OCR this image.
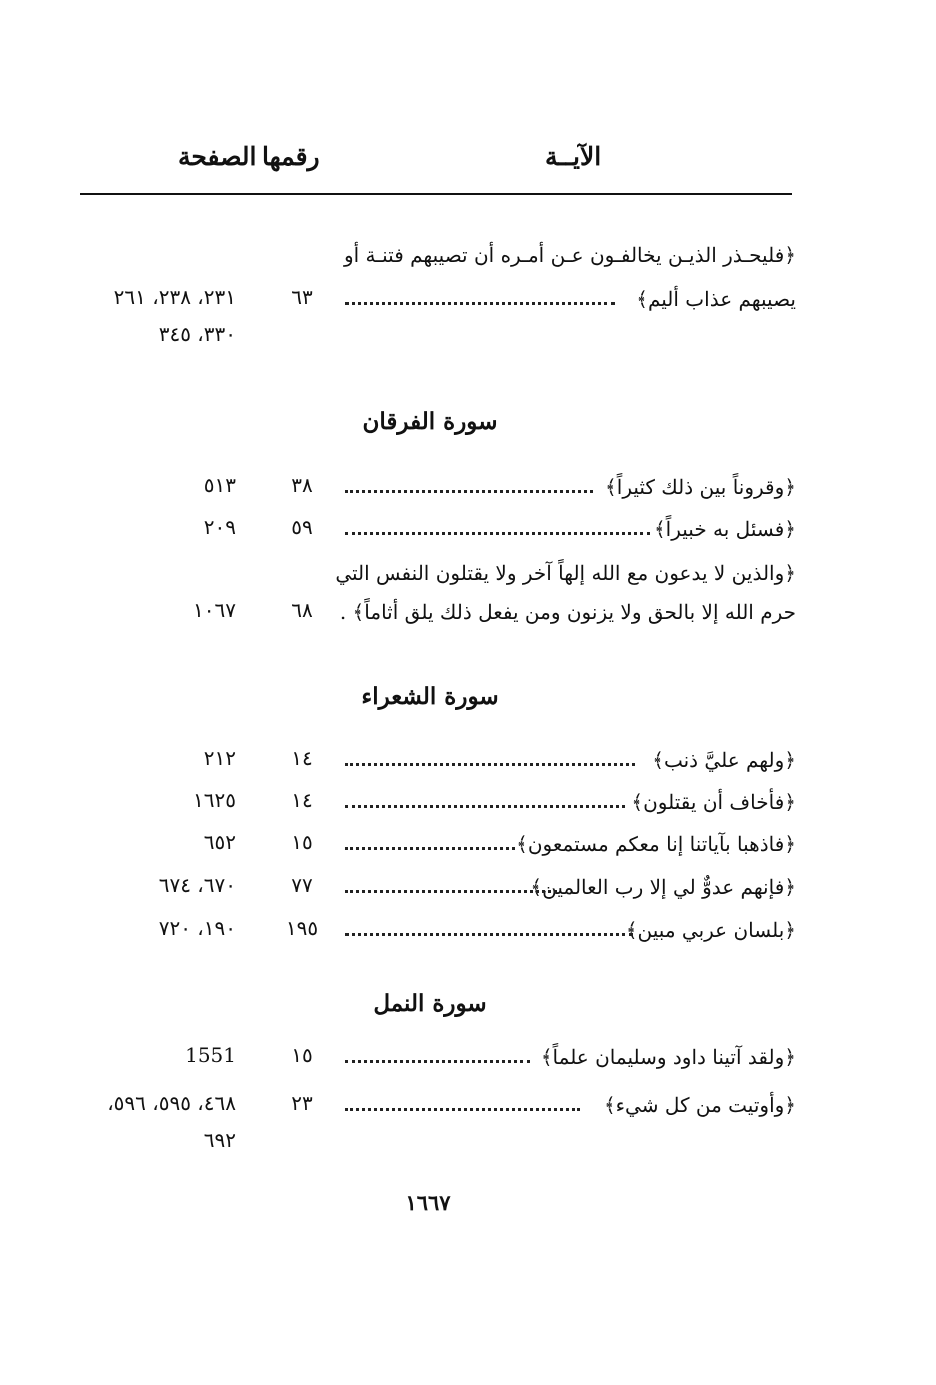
الآيــة
رقمها
الصفحة
﴿فليحـذر الذيـن يخالفـون عـن أمـره أن تصيبهم فتنـة أو
يصيبهم عذاب أليم﴾
٦٣
٢٣١، ٢٣٨، ٢٦١
٣٣٠، ٣٤٥
سورة الفرقان
﴿وقروناً بين ذلك كثيراً﴾
٣٨
٥١٣
﴿فسئل به خبيراً﴾
٥٩
٢٠٩
﴿والذين لا يدعون مع الله إلهاً آخر ولا يقتلون النفس التي
حرم الله إلا بالحق ولا يزنون ومن يفعل ذلك يلق أثاماً﴾ .
٦٨
١٠٦٧
سورة الشعراء
﴿ولهم عليَّ ذنب﴾
١٤
٢١٢
﴿فأخاف أن يقتلون﴾
١٤
١٦٢٥
﴿فاذهبا بآياتنا إنا معكم مستمعون﴾
١٥
٦٥٢
﴿فإنهم عدوٌّ لي إلا رب العالمين﴾
٧٧
٦٧٠، ٦٧٤
﴿بلسان عربي مبين﴾
١٩٥
١٩٠، ٧٢٠
سورة النمل
﴿ولقد آتينا داود وسليمان علماً﴾
١٥
1551
﴿وأوتيت من كل شيء﴾
٢٣
٤٦٨، ٥٩٥، ٥٩٦،
٦٩٢
١٦٦٧
